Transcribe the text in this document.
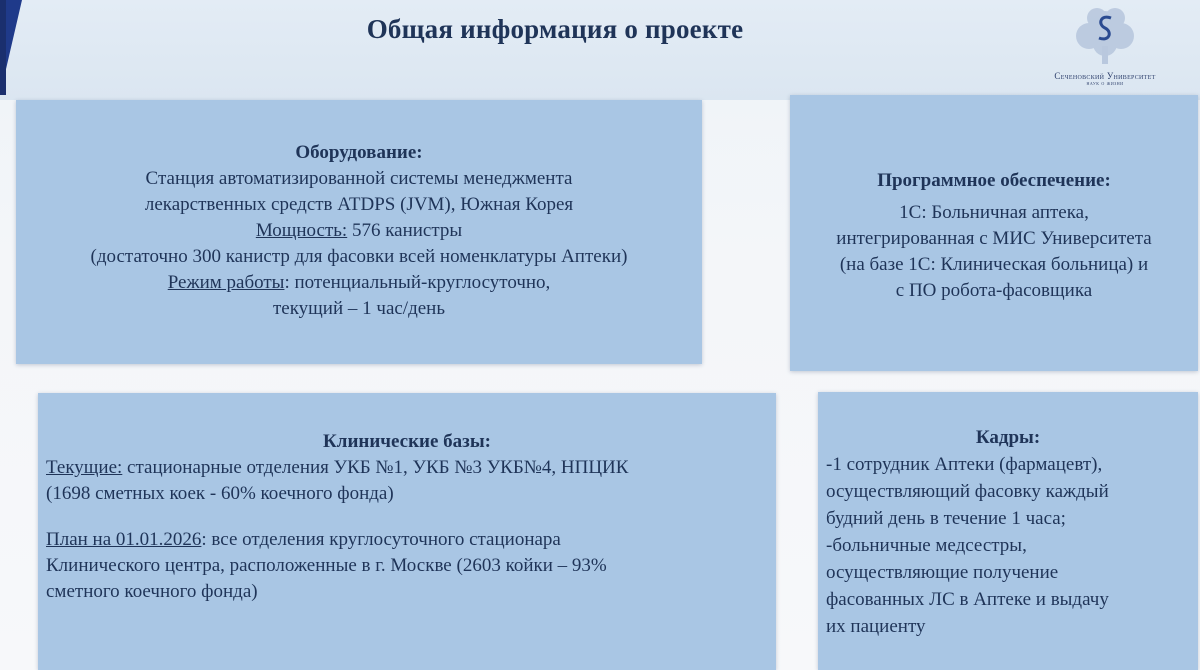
Общая информация о проекте
Сеченовский Университет
наук о жизни
Оборудование:
Станция автоматизированной системы менеджмента
лекарственных средств ATDPS (JVM), Южная Корея
Мощность: 576 канистры
(достаточно 300 канистр для фасовки всей номенклатуры Аптеки)
Режим работы: потенциальный-круглосуточно,
текущий – 1 час/день
Программное обеспечение:
1С: Больничная аптека,
интегрированная с МИС Университета
(на базе 1С: Клиническая больница) и
с ПО робота-фасовщика
Клинические базы:
Текущие: стационарные отделения УКБ №1, УКБ №3 УКБ№4, НПЦИК
(1698 сметных коек - 60% коечного фонда)
План на 01.01.2026: все отделения круглосуточного стационара
Клинического центра, расположенные в г. Москве (2603 койки – 93%
сметного коечного фонда)
Кадры:
-1 сотрудник Аптеки (фармацевт),
осуществляющий фасовку каждый
будний день в течение 1 часа;
-больничные медсестры,
осуществляющие получение
фасованных ЛС в Аптеке и выдачу
их пациенту
